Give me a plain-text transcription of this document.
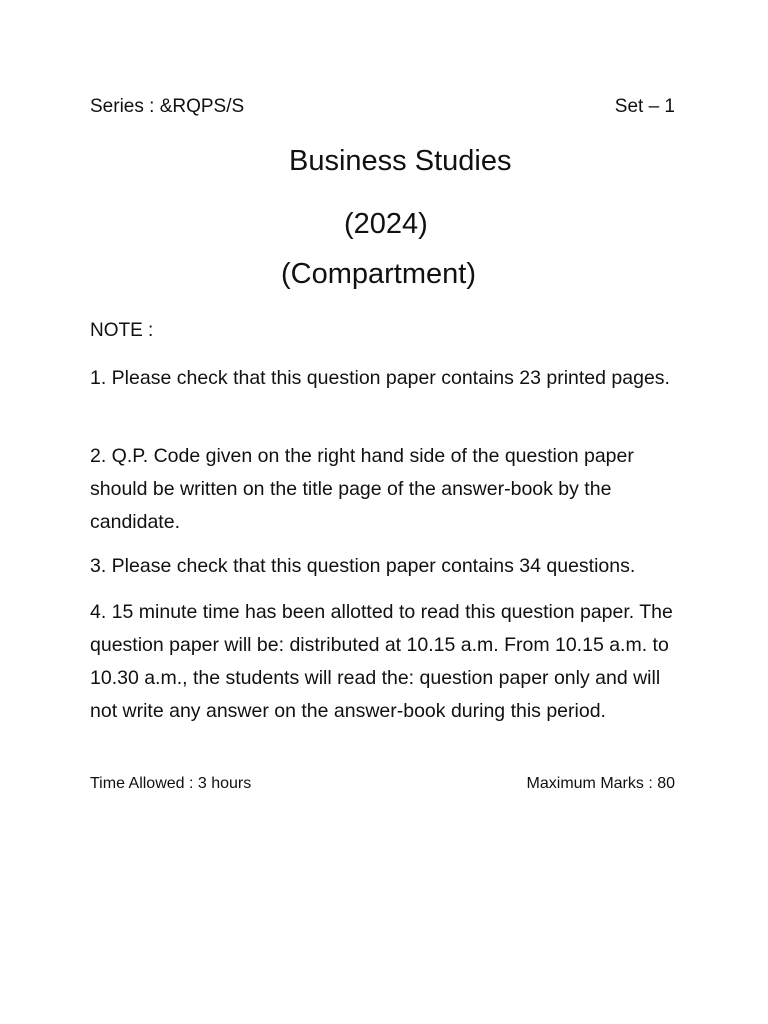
Series : &RQPS/S	Set – 1
Business Studies
(2024)
(Compartment)
NOTE :
1. Please check that this question paper contains 23 printed pages.
2. Q.P. Code given on the right hand side of the question paper should be written on the title page of the answer-book by the candidate.
3. Please check that this question paper contains 34 questions.
4. 15 minute time has been allotted to read this question paper. The question paper will be: distributed at 10.15 a.m. From 10.15 a.m. to 10.30 a.m., the students will read the: question paper only and will not write any answer on the answer-book during this period.
Time Allowed : 3 hours	Maximum Marks : 80
